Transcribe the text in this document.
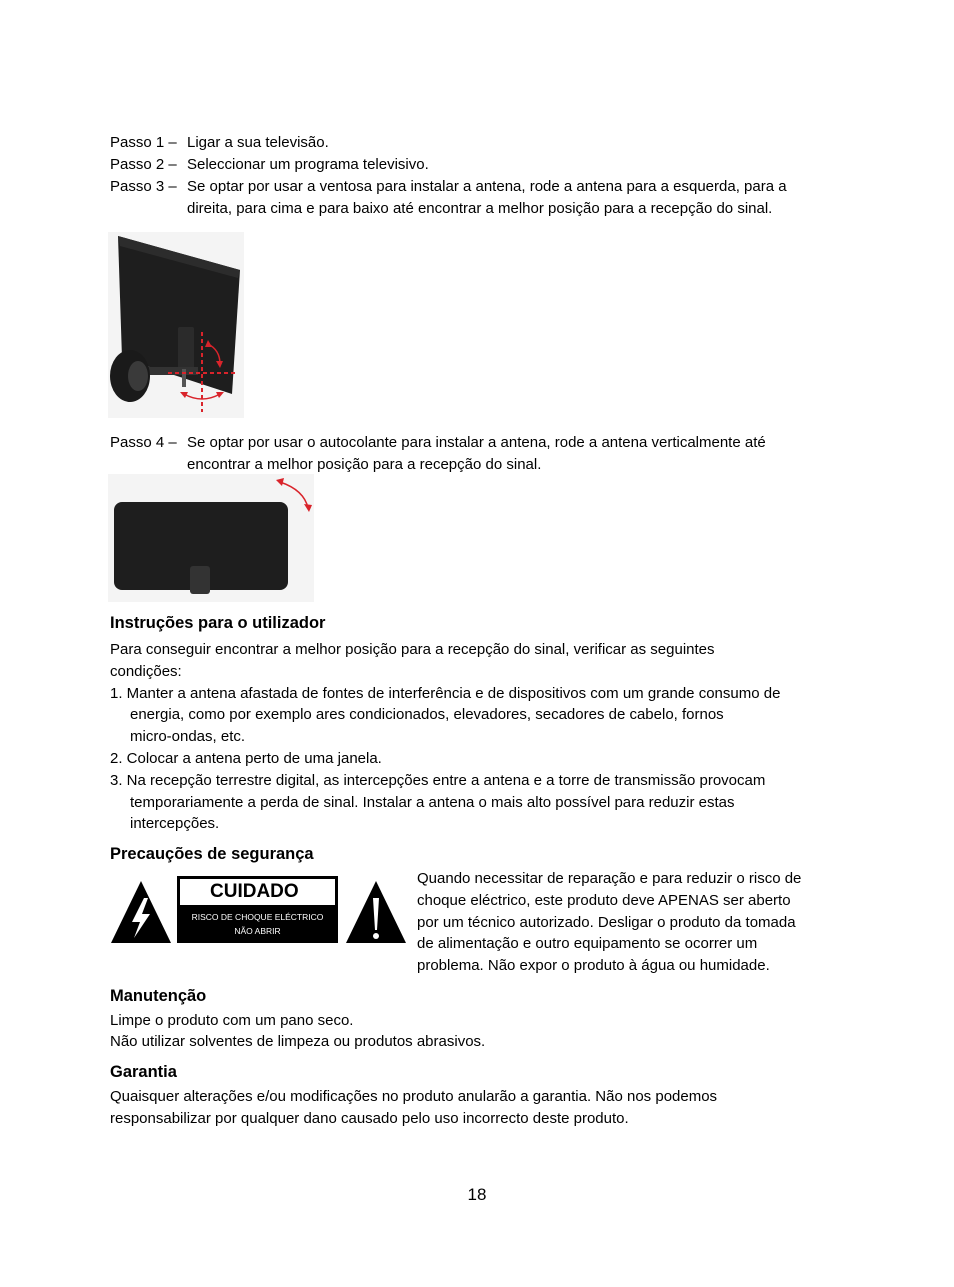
Passo 1 – Ligar a sua televisão.
Passo 2 – Seleccionar um programa televisivo.
Passo 3 – Se optar por usar a ventosa para instalar a antena, rode a antena para a esquerda, para a
direita, para cima e para baixo até encontrar a melhor posição para a recepção do sinal.
Passo 4 – Se optar por usar o autocolante para instalar a antena, rode a antena verticalmente até
encontrar a melhor posição para a recepção do sinal.
Instruções para o utilizador
Para conseguir encontrar a melhor posição para a recepção do sinal, verificar as seguintes
condições:
1. Manter a antena afastada de fontes de interferência e de dispositivos com um grande consumo de
energia, como por exemplo ares condicionados, elevadores, secadores de cabelo, fornos
micro-ondas, etc.
2. Colocar a antena perto de uma janela.
3. Na recepção terrestre digital, as intercepções entre a antena e a torre de transmissão provocam
temporariamente a perda de sinal. Instalar a antena o mais alto possível para reduzir estas
intercepções.
Precauções de segurança
CUIDADO
RISCO DE CHOQUE ELÉCTRICO
NÃO ABRIR
Quando necessitar de reparação e para reduzir o risco de
choque eléctrico, este produto deve APENAS ser aberto
por um técnico autorizado. Desligar o produto da tomada
de alimentação e outro equipamento se ocorrer um
problema. Não expor o produto à água ou humidade.
Manutenção
Limpe o produto com um pano seco.
Não utilizar solventes de limpeza ou produtos abrasivos.
Garantia
Quaisquer alterações e/ou modificações no produto anularão a garantia. Não nos podemos
responsabilizar por qualquer dano causado pelo uso incorrecto deste produto.
18
